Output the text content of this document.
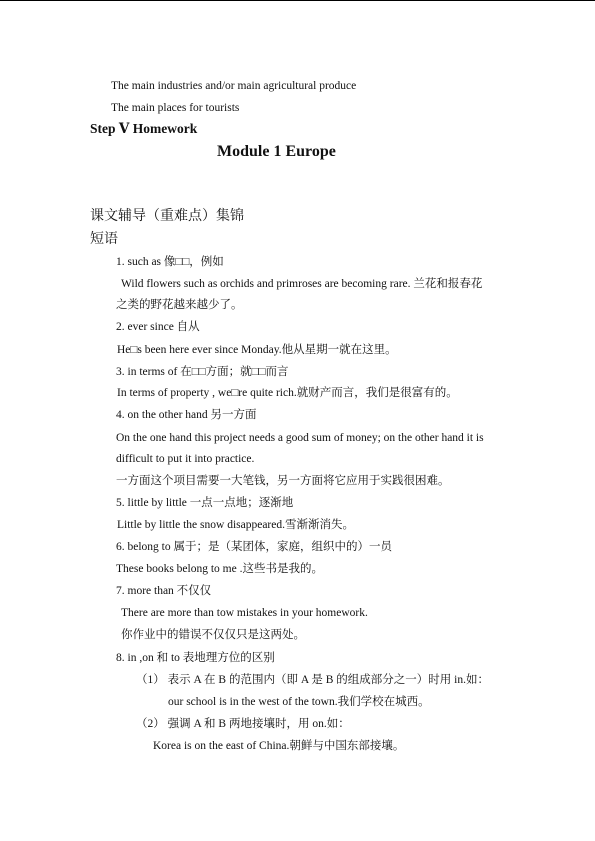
The main industries and/or main agricultural produce
The main places for tourists
Step Ⅴ Homework
Module 1 Europe
课文辅导（重难点）集锦
短语
1. such as 像□□，例如
Wild flowers such as orchids and primroses are becoming rare. 兰花和报春花
之类的野花越来越少了。
2. ever since 自从
He□s been here ever since Monday.他从星期一就在这里。
3. in terms of 在□□方面；就□□而言
In terms of property , we□re quite rich.就财产而言，我们是很富有的。
4. on the other hand 另一方面
On the one hand this project needs a good sum of money; on the other hand it is
difficult to put it into practice.
一方面这个项目需要一大笔钱，另一方面将它应用于实践很困难。
5. little by little 一点一点地；逐渐地
Little by little the snow disappeared.雪渐渐消失。
6. belong to 属于；是（某团体，家庭，组织中的）一员
These books belong to me .这些书是我的。
7. more than 不仅仅
There are more than tow mistakes in your homework.
你作业中的错误不仅仅只是这两处。
8. in ,on 和 to 表地理方位的区别
（1） 表示 A 在 B 的范围内（即 A 是 B 的组成部分之一）时用 in.如：
our school is in the west of the town.我们学校在城西。
（2） 强调 A 和 B 两地接壤时，用 on.如：
Korea is on the east of China.朝鲜与中国东部接壤。
